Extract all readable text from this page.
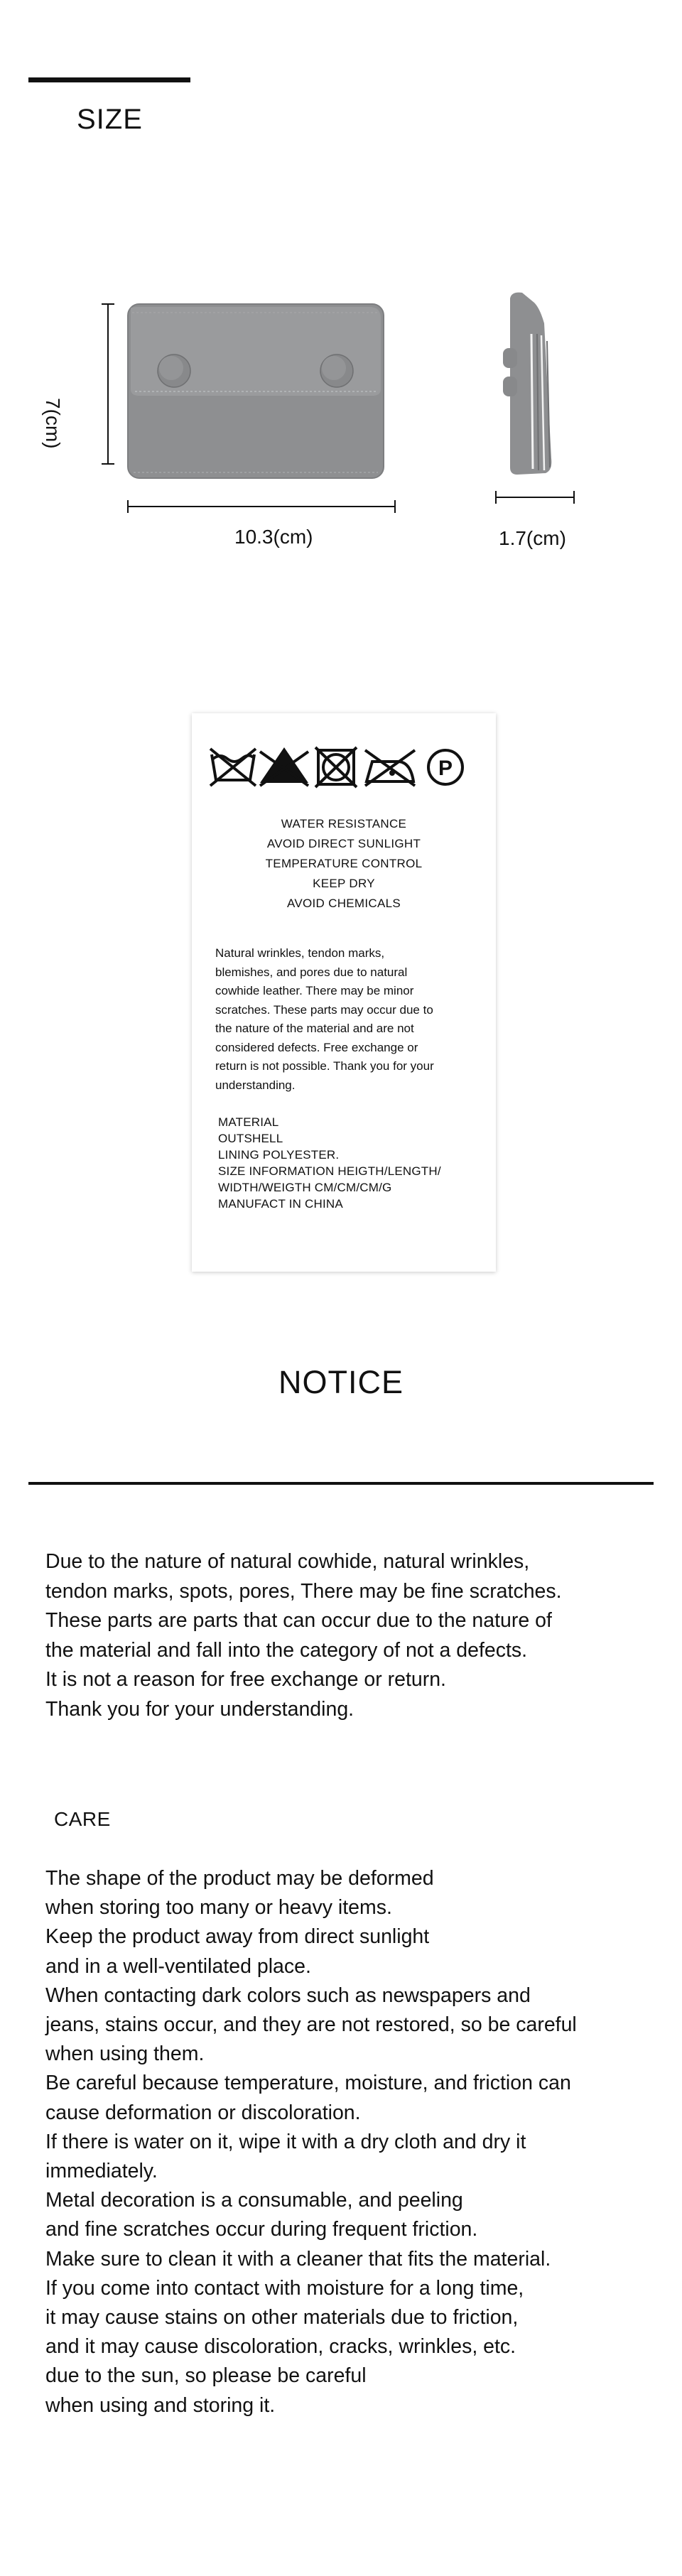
SIZE
7(cm)
10.3(cm)	1.7(cm)
P
WATER RESISTANCE
AVOID DIRECT SUNLIGHT
TEMPERATURE CONTROL
KEEP DRY
AVOID CHEMICALS
Natural wrinkles, tendon marks,
blemishes, and pores due to natural
cowhide leather. There may be minor
scratches. These parts may occur due to
the nature of the material and are not
considered defects. Free exchange or
return is not possible. Thank you for your
understanding.
MATERIAL
OUTSHELL
LINING POLYESTER.
SIZE INFORMATION HEIGTH/LENGTH/
WIDTH/WEIGTH CM/CM/CM/G
MANUFACT IN CHINA
NOTICE
Due to the nature of natural cowhide, natural wrinkles,
tendon marks, spots, pores, There may be fine scratches.
These parts are parts that can occur due to the nature of
the material and fall into the category of not a defects.
It is not a reason for free exchange or return.
Thank you for your understanding.
CARE
The shape of the product may be deformed
when storing too many or heavy items.
Keep the product away from direct sunlight
and in a well-ventilated place.
When contacting dark colors such as newspapers and
jeans, stains occur, and they are not restored, so be careful
when using them.
Be careful because temperature, moisture, and friction can
cause deformation or discoloration.
If there is water on it, wipe it with a dry cloth and dry it
immediately.
Metal decoration is a consumable, and peeling
and fine scratches occur during frequent friction.
Make sure to clean it with a cleaner that fits the material.
If you come into contact with moisture for a long time,
it may cause stains on other materials due to friction,
and it may cause discoloration, cracks, wrinkles, etc.
due to the sun, so please be careful
when using and storing it.
